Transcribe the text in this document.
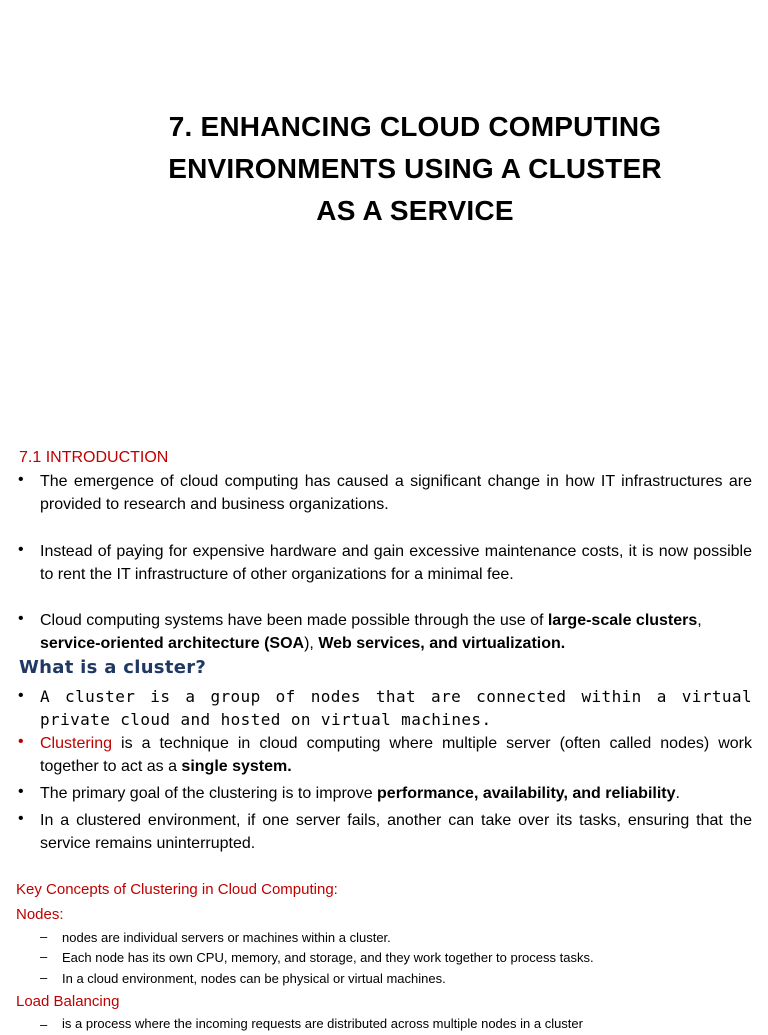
7. ENHANCING CLOUD COMPUTING
ENVIRONMENTS USING A CLUSTER
AS A SERVICE
7.1 INTRODUCTION
• The emergence of cloud computing has caused a significant change in how IT infrastructures are provided to research and business organizations.
• Instead of paying for expensive hardware and gain excessive maintenance costs, it is now possible to rent the IT infrastructure of other organizations for a minimal fee.
• Cloud computing systems have been made possible through the use of large-scale clusters, service-oriented architecture (SOA), Web services, and virtualization.
What is a cluster?
• A cluster is a group of nodes that are connected within a virtual private cloud and hosted on virtual machines.
• Clustering is a technique in cloud computing where multiple server (often called nodes) work together to act as a single system.
• The primary goal of the clustering is to improve performance, availability, and reliability.
• In a clustered environment, if one server fails, another can take over its tasks, ensuring that the service remains uninterrupted.
Key Concepts of Clustering in Cloud Computing:
Nodes:
– nodes are individual servers or machines within a cluster.
– Each node has its own CPU, memory, and storage, and they work together to process tasks.
– In a cloud environment, nodes can be physical or virtual machines.
Load Balancing
– is a process where the incoming requests are distributed across multiple nodes in a cluster
